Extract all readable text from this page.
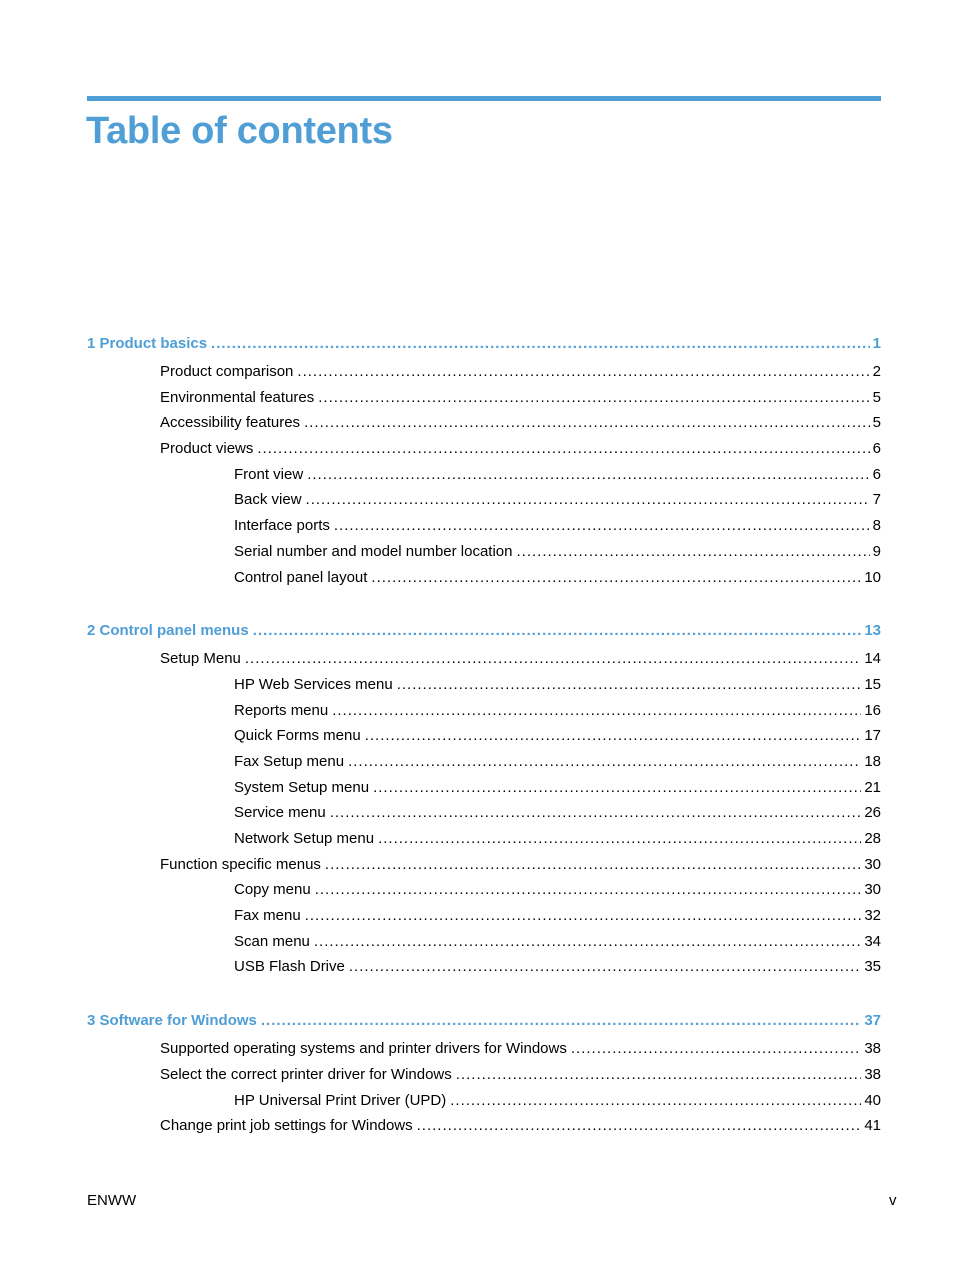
Table of contents
1 Product basics .....	1
Product comparison .....	2
Environmental features .....	5
Accessibility features .....	5
Product views .....	6
Front view .....	6
Back view .....	7
Interface ports .....	8
Serial number and model number location .....	9
Control panel layout .....	10
2 Control panel menus .....	13
Setup Menu .....	14
HP Web Services menu .....	15
Reports menu .....	16
Quick Forms menu .....	17
Fax Setup menu .....	18
System Setup menu .....	21
Service menu .....	26
Network Setup menu .....	28
Function specific menus .....	30
Copy menu .....	30
Fax menu .....	32
Scan menu .....	34
USB Flash Drive .....	35
3 Software for Windows .....	37
Supported operating systems and printer drivers for Windows .....	38
Select the correct printer driver for Windows .....	38
HP Universal Print Driver (UPD) .....	40
Change print job settings for Windows .....	41
ENWW	v
